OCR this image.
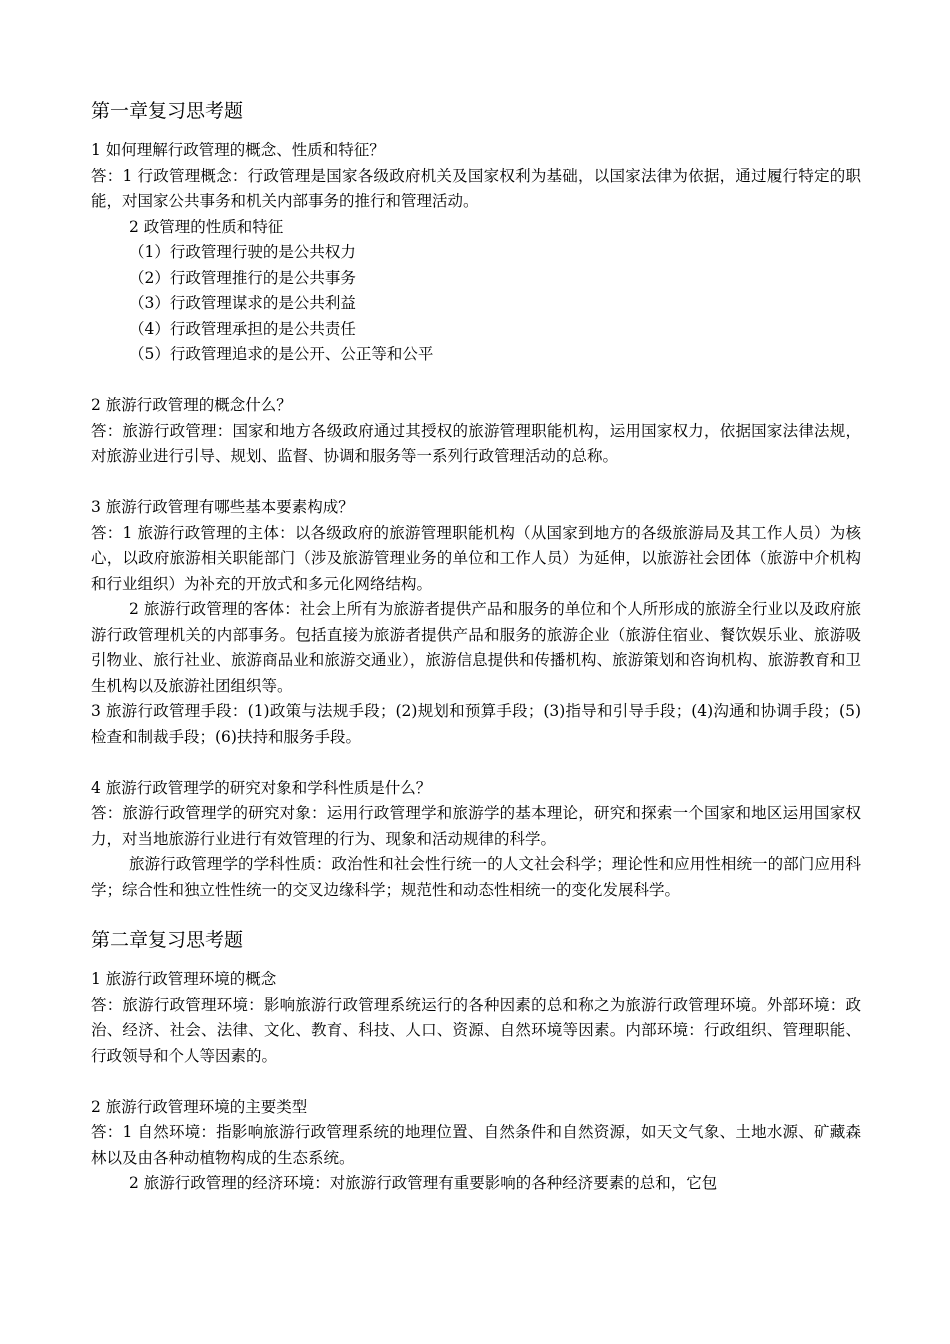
第一章复习思考题

1 如何理解行政管理的概念、性质和特征？

答：1 行政管理概念：行政管理是国家各级政府机关及国家权利为基础，以国家法律为依据，通过履行特定的职能，对国家公共事务和机关内部事务的推行和管理活动。

2 政管理的性质和特征

（1）行政管理行驶的是公共权力

（2）行政管理推行的是公共事务

（3）行政管理谋求的是公共利益

（4）行政管理承担的是公共责任

（5）行政管理追求的是公开、公正等和公平

2 旅游行政管理的概念什么？

答：旅游行政管理：国家和地方各级政府通过其授权的旅游管理职能机构，运用国家权力，依据国家法律法规，对旅游业进行引导、规划、监督、协调和服务等一系列行政管理活动的总称。

3 旅游行政管理有哪些基本要素构成？

答：1 旅游行政管理的主体：以各级政府的旅游管理职能机构（从国家到地方的各级旅游局及其工作人员）为核心，以政府旅游相关职能部门（涉及旅游管理业务的单位和工作人员）为延伸，以旅游社会团体（旅游中介机构和行业组织）为补充的开放式和多元化网络结构。

2 旅游行政管理的客体：社会上所有为旅游者提供产品和服务的单位和个人所形成的旅游全行业以及政府旅游行政管理机关的内部事务。包括直接为旅游者提供产品和服务的旅游企业（旅游住宿业、餐饮娱乐业、旅游吸引物业、旅行社业、旅游商品业和旅游交通业），旅游信息提供和传播机构、旅游策划和咨询机构、旅游教育和卫生机构以及旅游社团组织等。

3 旅游行政管理手段：(1)政策与法规手段；(2)规划和预算手段；(3)指导和引导手段；(4)沟通和协调手段；(5)检查和制裁手段；(6)扶持和服务手段。

4 旅游行政管理学的研究对象和学科性质是什么？

答：旅游行政管理学的研究对象：运用行政管理学和旅游学的基本理论，研究和探索一个国家和地区运用国家权力，对当地旅游行业进行有效管理的行为、现象和活动规律的科学。

旅游行政管理学的学科性质：政治性和社会性行统一的人文社会科学；理论性和应用性相统一的部门应用科学；综合性和独立性性统一的交叉边缘科学；规范性和动态性相统一的变化发展科学。

第二章复习思考题

1 旅游行政管理环境的概念

答：旅游行政管理环境：影响旅游行政管理系统运行的各种因素的总和称之为旅游行政管理环境。外部环境：政治、经济、社会、法律、文化、教育、科技、人口、资源、自然环境等因素。内部环境：行政组织、管理职能、行政领导和个人等因素的。

2 旅游行政管理环境的主要类型

答：1 自然环境：指影响旅游行政管理系统的地理位置、自然条件和自然资源，如天文气象、土地水源、矿藏森林以及由各种动植物构成的生态系统。

2 旅游行政管理的经济环境：对旅游行政管理有重要影响的各种经济要素的总和，它包
